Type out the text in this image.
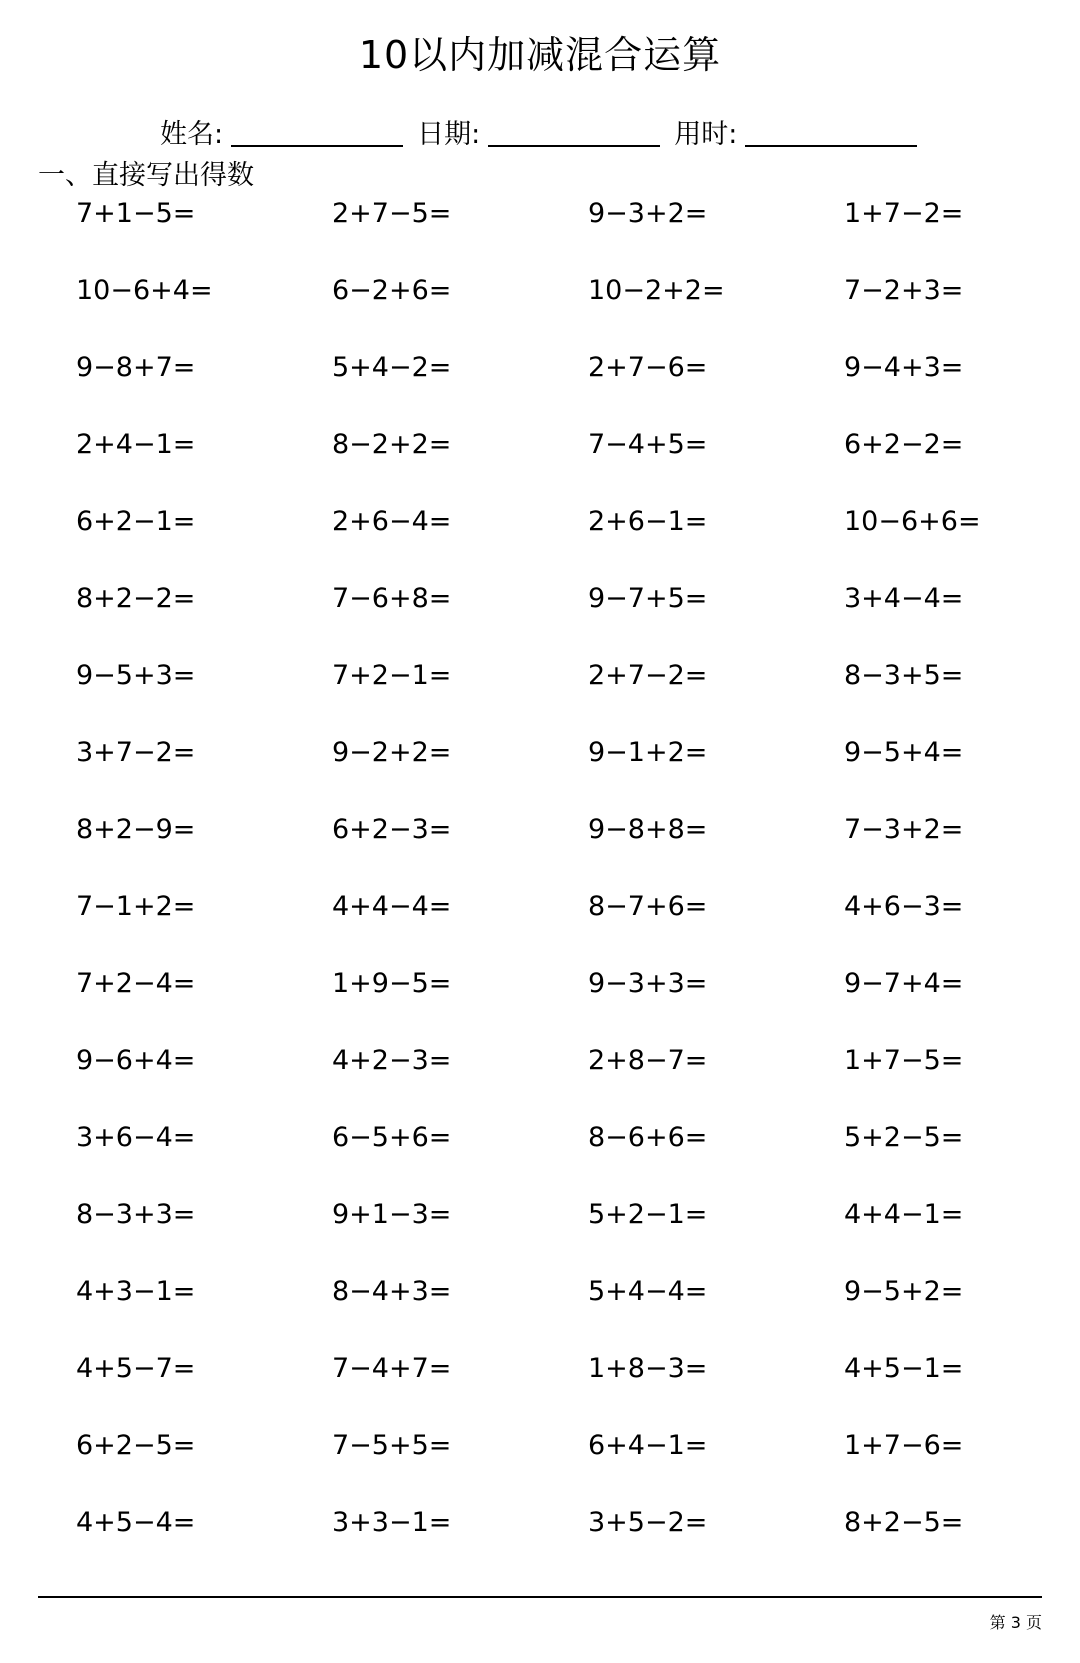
10以内加减混合运算
姓名:	日期:	用时:
一、直接写出得数
7+1−5=	2+7−5=	9−3+2=	1+7−2=
10−6+4=	6−2+6=	10−2+2=	7−2+3=
9−8+7=	5+4−2=	2+7−6=	9−4+3=
2+4−1=	8−2+2=	7−4+5=	6+2−2=
6+2−1=	2+6−4=	2+6−1=	10−6+6=
8+2−2=	7−6+8=	9−7+5=	3+4−4=
9−5+3=	7+2−1=	2+7−2=	8−3+5=
3+7−2=	9−2+2=	9−1+2=	9−5+4=
8+2−9=	6+2−3=	9−8+8=	7−3+2=
7−1+2=	4+4−4=	8−7+6=	4+6−3=
7+2−4=	1+9−5=	9−3+3=	9−7+4=
9−6+4=	4+2−3=	2+8−7=	1+7−5=
3+6−4=	6−5+6=	8−6+6=	5+2−5=
8−3+3=	9+1−3=	5+2−1=	4+4−1=
4+3−1=	8−4+3=	5+4−4=	9−5+2=
4+5−7=	7−4+7=	1+8−3=	4+5−1=
6+2−5=	7−5+5=	6+4−1=	1+7−6=
4+5−4=	3+3−1=	3+5−2=	8+2−5=
第 3 页
